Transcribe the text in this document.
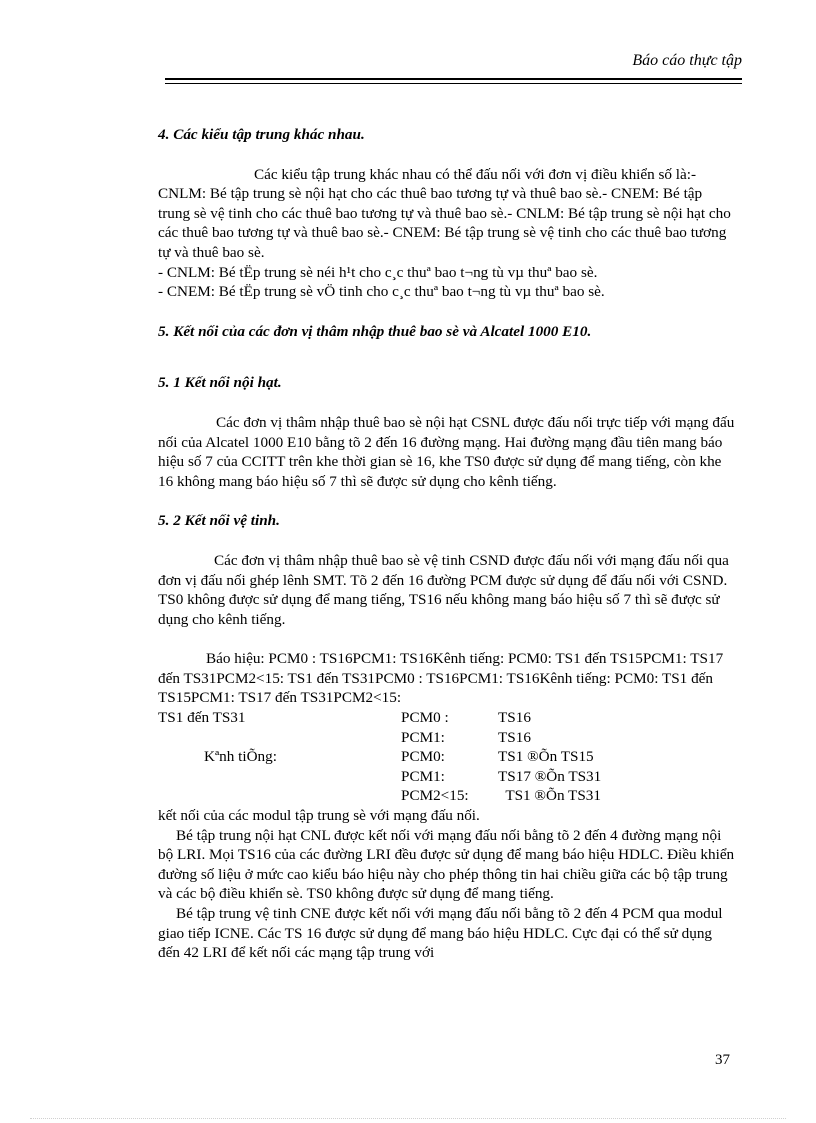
Báo cáo thực tập

4. Các kiểu tập trung khác nhau.

Các kiểu tập trung khác nhau có thể đấu nối với đơn vị điều khiển số là:- CNLM: Bé tập trung sè nội hạt cho các thuê bao tương tự và thuê bao sè.- CNEM: Bé tập trung sè vệ tinh cho các thuê bao tương tự và thuê bao sè.- CNLM: Bé tập trung sè nội hạt cho các thuê bao tương tự và thuê bao sè.- CNEM: Bé tập trung sè vệ tinh cho các thuê bao tương tự và thuê bao sè.

- CNLM: Bé tËp trung sè néi h¹t cho c¸c thuª bao t¬ng tù vµ thuª bao sè.

- CNEM: Bé tËp trung sè vÖ tinh cho c¸c thuª bao t¬ng tù vµ thuª bao sè.

5. Kết nối của các đơn vị thâm nhập thuê bao sè và Alcatel 1000 E10.

5. 1 Kết nối nội hạt.

Các đơn vị thâm nhập thuê bao sè nội hạt CSNL được đấu nối trực tiếp với mạng đấu nối của Alcatel 1000 E10 bằng tõ 2 đến 16 đường mạng. Hai đường mạng đầu tiên mang báo hiệu số 7 của CCITT trên khe thời gian sè 16, khe TS0 được sử dụng để mang tiếng, còn khe 16 không mang báo hiệu số 7 thì sẽ được sử dụng cho kênh tiếng.

5. 2 Kết nối vệ tinh.

Các đơn vị thâm nhập thuê bao sè vệ tinh CSND được đấu nối với mạng đấu nối qua đơn vị đấu nối ghép lênh SMT. Tõ 2 đến 16 đường PCM được sử dụng để đấu nối với CSND. TS0 không được sử dụng để mang tiếng, TS16 nếu không mang báo hiệu số 7 thì sẽ được sử dụng cho kênh tiếng.

Báo hiệu: PCM0 : TS16PCM1: TS16Kênh tiếng: PCM0: TS1 đến TS15PCM1: TS17 đến TS31PCM2<15: TS1 đến TS31PCM0 : TS16PCM1: TS16Kênh tiếng: PCM0: TS1 đến TS15PCM1: TS17 đến TS31PCM2<15:

TS1 đến TS31	PCM0 :	TS16
	PCM1:	TS16
Kªnh tiÕng:	PCM0:	TS1 ®Õn TS15
	PCM1:	TS17 ®Õn TS31
	PCM2<15:	TS1 ®Õn TS31

kết nối của các modul tập trung sè với mạng đấu nối.

Bé tập trung nội hạt CNL được kết nối với mạng đấu nối bằng tõ 2 đến 4 đường mạng nội bộ LRI. Mọi TS16 của các đường LRI đều được sử dụng để mang báo hiệu HDLC. Điều khiển đường số liệu ở mức cao kiểu báo hiệu này cho phép thông tin hai chiều giữa các bộ tập trung và các bộ điều khiển sè. TS0 không được sử dụng để mang tiếng.

Bé tập trung vệ tinh CNE được kết nối với mạng đấu nối bằng tõ 2 đến 4 PCM qua modul giao tiếp ICNE. Các TS 16 được sử dụng để mang báo hiệu HDLC. Cực đại có thể sử dụng đến 42 LRI để kết nối các mạng tập trung với

37
